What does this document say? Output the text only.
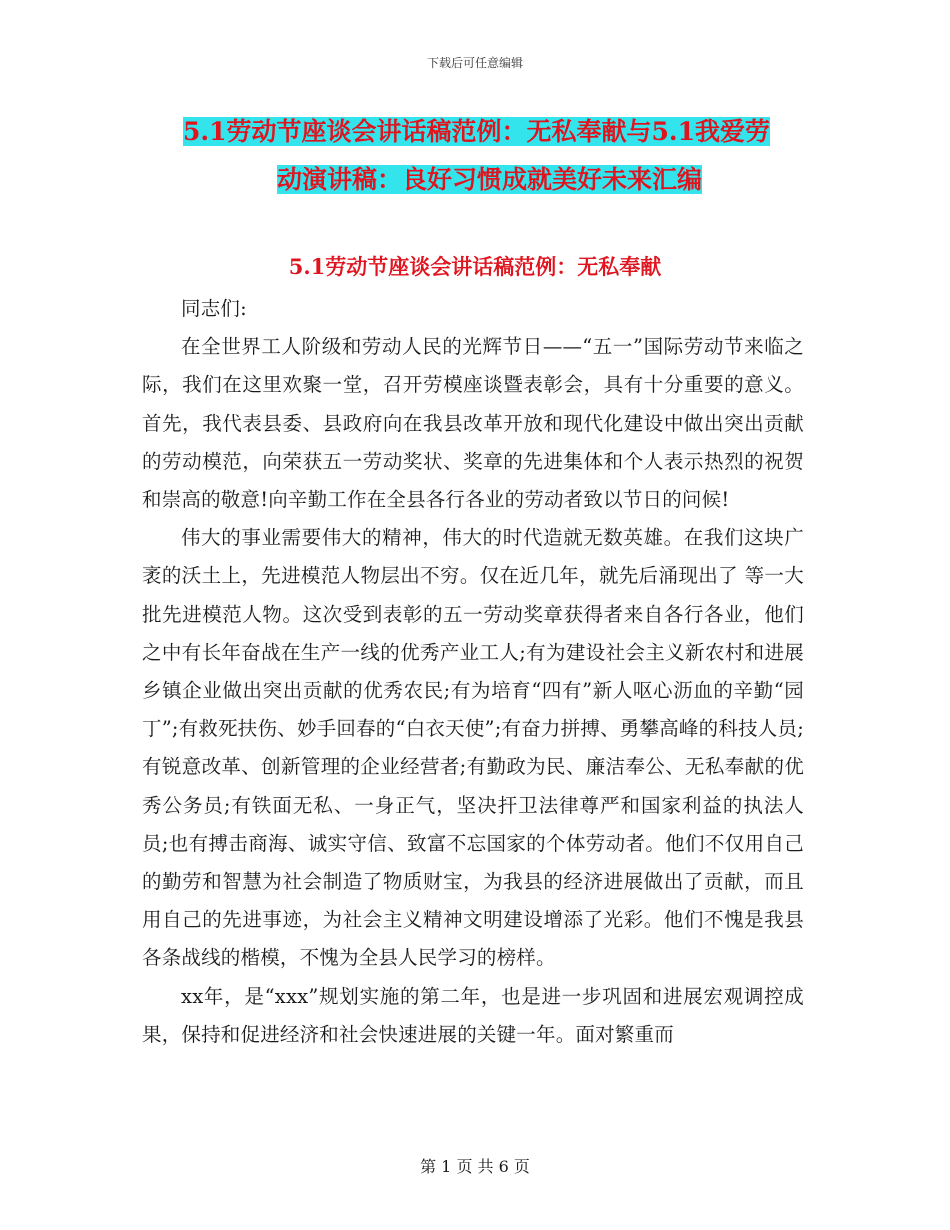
下载后可任意编辑
5.1劳动节座谈会讲话稿范例：无私奉献与5.1我爱劳
动演讲稿：良好习惯成就美好未来汇编
5.1劳动节座谈会讲话稿范例：无私奉献

同志们:

在全世界工人阶级和劳动人民的光辉节日——“五一”国际劳动节来临之际，我们在这里欢聚一堂，召开劳模座谈暨表彰会，具有十分重要的意义。首先，我代表县委、县政府向在我县改革开放和现代化建设中做出突出贡献的劳动模范，向荣获五一劳动奖状、奖章的先进集体和个人表示热烈的祝贺和崇高的敬意!向辛勤工作在全县各行各业的劳动者致以节日的问候!

伟大的事业需要伟大的精神，伟大的时代造就无数英雄。在我们这块广袤的沃土上，先进模范人物层出不穷。仅在近几年，就先后涌现出了 等一大批先进模范人物。这次受到表彰的五一劳动奖章获得者来自各行各业，他们之中有长年奋战在生产一线的优秀产业工人;有为建设社会主义新农村和进展乡镇企业做出突出贡献的优秀农民;有为培育“四有”新人呕心沥血的辛勤“园丁”;有救死扶伤、妙手回春的“白衣天使”;有奋力拼搏、勇攀高峰的科技人员;有锐意改革、创新管理的企业经营者;有勤政为民、廉洁奉公、无私奉献的优秀公务员;有铁面无私、一身正气，坚决扞卫法律尊严和国家利益的执法人员;也有搏击商海、诚实守信、致富不忘国家的个体劳动者。他们不仅用自己的勤劳和智慧为社会制造了物质财宝，为我县的经济进展做出了贡献，而且用自己的先进事迹，为社会主义精神文明建设增添了光彩。他们不愧是我县各条战线的楷模，不愧为全县人民学习的榜样。

xx年，是“xxx”规划实施的第二年，也是进一步巩固和进展宏观调控成果，保持和促进经济和社会快速进展的关键一年。面对繁重而

第 1 页 共 6 页
